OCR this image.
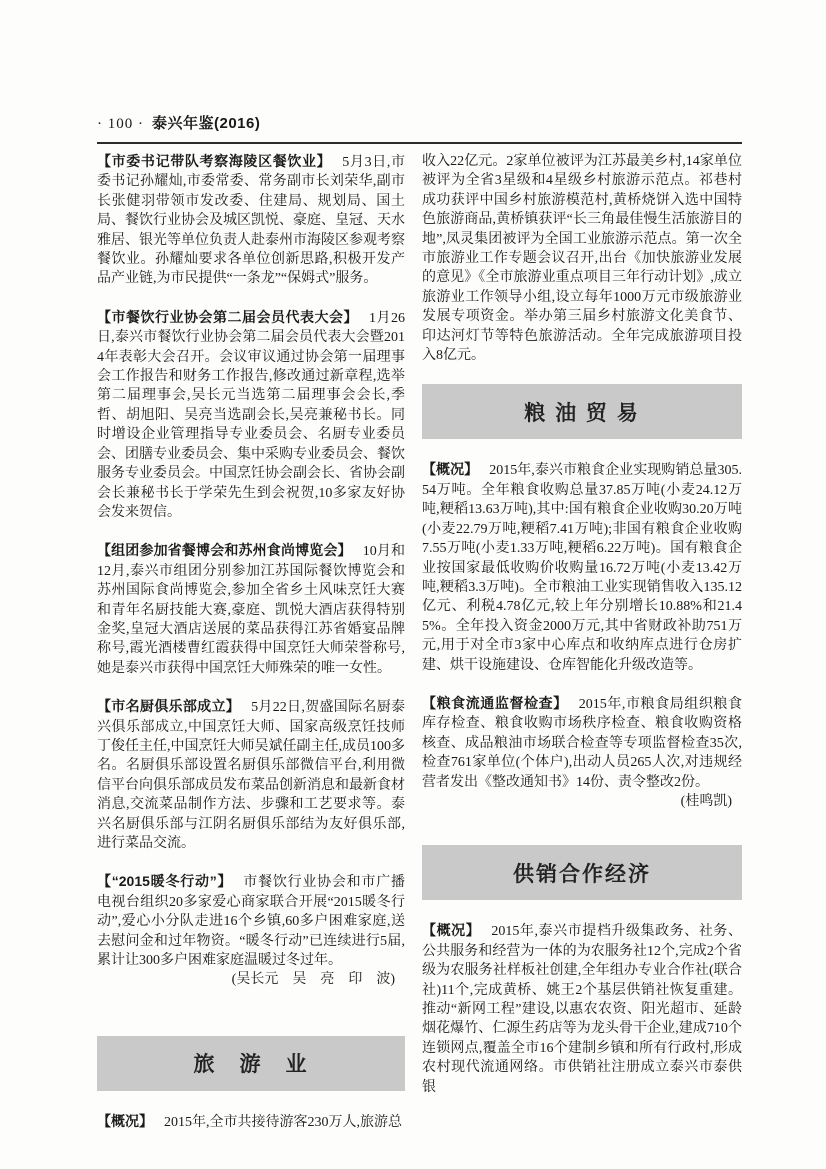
· 100 · 泰兴年鉴(2016)

【市委书记带队考察海陵区餐饮业】 5月3日,市委书记孙耀灿,市委常委、常务副市长刘荣华,副市长张健羽带领市发改委、住建局、规划局、国土局、餐饮行业协会及城区凯悦、豪庭、皇冠、天水雅居、银光等单位负责人赴泰州市海陵区参观考察餐饮业。孙耀灿要求各单位创新思路,积极开发产品产业链,为市民提供“一条龙”“保姆式”服务。

【市餐饮行业协会第二届会员代表大会】 1月26日,泰兴市餐饮行业协会第二届会员代表大会暨2014年表彰大会召开。会议审议通过协会第一届理事会工作报告和财务工作报告,修改通过新章程,选举第二届理事会,吴长元当选第二届理事会会长,季哲、胡旭阳、吴亮当选副会长,吴亮兼秘书长。同时增设企业管理指导专业委员会、名厨专业委员会、团膳专业委员会、集中采购专业委员会、餐饮服务专业委员会。中国烹饪协会副会长、省协会副会长兼秘书长于学荣先生到会祝贺,10多家友好协会发来贺信。

【组团参加省餐博会和苏州食尚博览会】 10月和12月,泰兴市组团分别参加江苏国际餐饮博览会和苏州国际食尚博览会,参加全省乡土风味烹饪大赛和青年名厨技能大赛,豪庭、凯悦大酒店获得特别金奖,皇冠大酒店送展的菜品获得江苏省婚宴品牌称号,霞光酒楼曹红霞获得中国烹饪大师荣誉称号,她是泰兴市获得中国烹饪大师殊荣的唯一女性。

【市名厨俱乐部成立】 5月22日,贺盛国际名厨泰兴俱乐部成立,中国烹饪大师、国家高级烹饪技师丁俊任主任,中国烹饪大师吴斌任副主任,成员100多名。名厨俱乐部设置名厨俱乐部微信平台,利用微信平台向俱乐部成员发布菜品创新消息和最新食材消息,交流菜品制作方法、步骤和工艺要求等。泰兴名厨俱乐部与江阴名厨俱乐部结为友好俱乐部,进行菜品交流。

【“2015暖冬行动”】 市餐饮行业协会和市广播电视台组织20多家爱心商家联合开展“2015暖冬行动”,爱心小分队走进16个乡镇,60多户困难家庭,送去慰问金和过年物资。“暖冬行动”已连续进行5届,累计让300多户困难家庭温暖过冬过年。

(吴长元　吴　亮　印　波)

旅　游　业

【概况】 2015年,全市共接待游客230万人,旅游总

收入22亿元。2家单位被评为江苏最美乡村,14家单位被评为全省3星级和4星级乡村旅游示范点。祁巷村成功获评中国乡村旅游模范村,黄桥烧饼入选中国特色旅游商品,黄桥镇获评“长三角最佳慢生活旅游目的地”,凤灵集团被评为全国工业旅游示范点。第一次全市旅游业工作专题会议召开,出台《加快旅游业发展的意见》《全市旅游业重点项目三年行动计划》,成立旅游业工作领导小组,设立每年1000万元市级旅游业发展专项资金。举办第三届乡村旅游文化美食节、印达河灯节等特色旅游活动。全年完成旅游项目投入8亿元。

粮 油 贸 易

【概况】 2015年,泰兴市粮食企业实现购销总量305.54万吨。全年粮食收购总量37.85万吨(小麦24.12万吨,粳稻13.63万吨),其中:国有粮食企业收购30.20万吨(小麦22.79万吨,粳稻7.41万吨);非国有粮食企业收购7.55万吨(小麦1.33万吨,粳稻6.22万吨)。国有粮食企业按国家最低收购价收购量16.72万吨(小麦13.42万吨,粳稻3.3万吨)。全市粮油工业实现销售收入135.12亿元、利税4.78亿元,较上年分别增长10.88%和21.45%。全年投入资金2000万元,其中省财政补助751万元,用于对全市3家中心库点和收纳库点进行仓房扩建、烘干设施建设、仓库智能化升级改造等。

【粮食流通监督检查】 2015年,市粮食局组织粮食库存检查、粮食收购市场秩序检查、粮食收购资格核查、成品粮油市场联合检查等专项监督检查35次,检查761家单位(个体户),出动人员265人次,对违规经营者发出《整改通知书》14份、责令整改2份。

(桂鸣凯)

供销合作经济

【概况】 2015年,泰兴市提档升级集政务、社务、公共服务和经营为一体的为农服务社12个,完成2个省级为农服务社样板社创建,全年组办专业合作社(联合社)11个,完成黄桥、姚王2个基层供销社恢复重建。推动“新网工程”建设,以惠农农资、阳光超市、延龄烟花爆竹、仁源生药店等为龙头骨干企业,建成710个连锁网点,覆盖全市16个建制乡镇和所有行政村,形成农村现代流通网络。市供销社注册成立泰兴市泰供银
